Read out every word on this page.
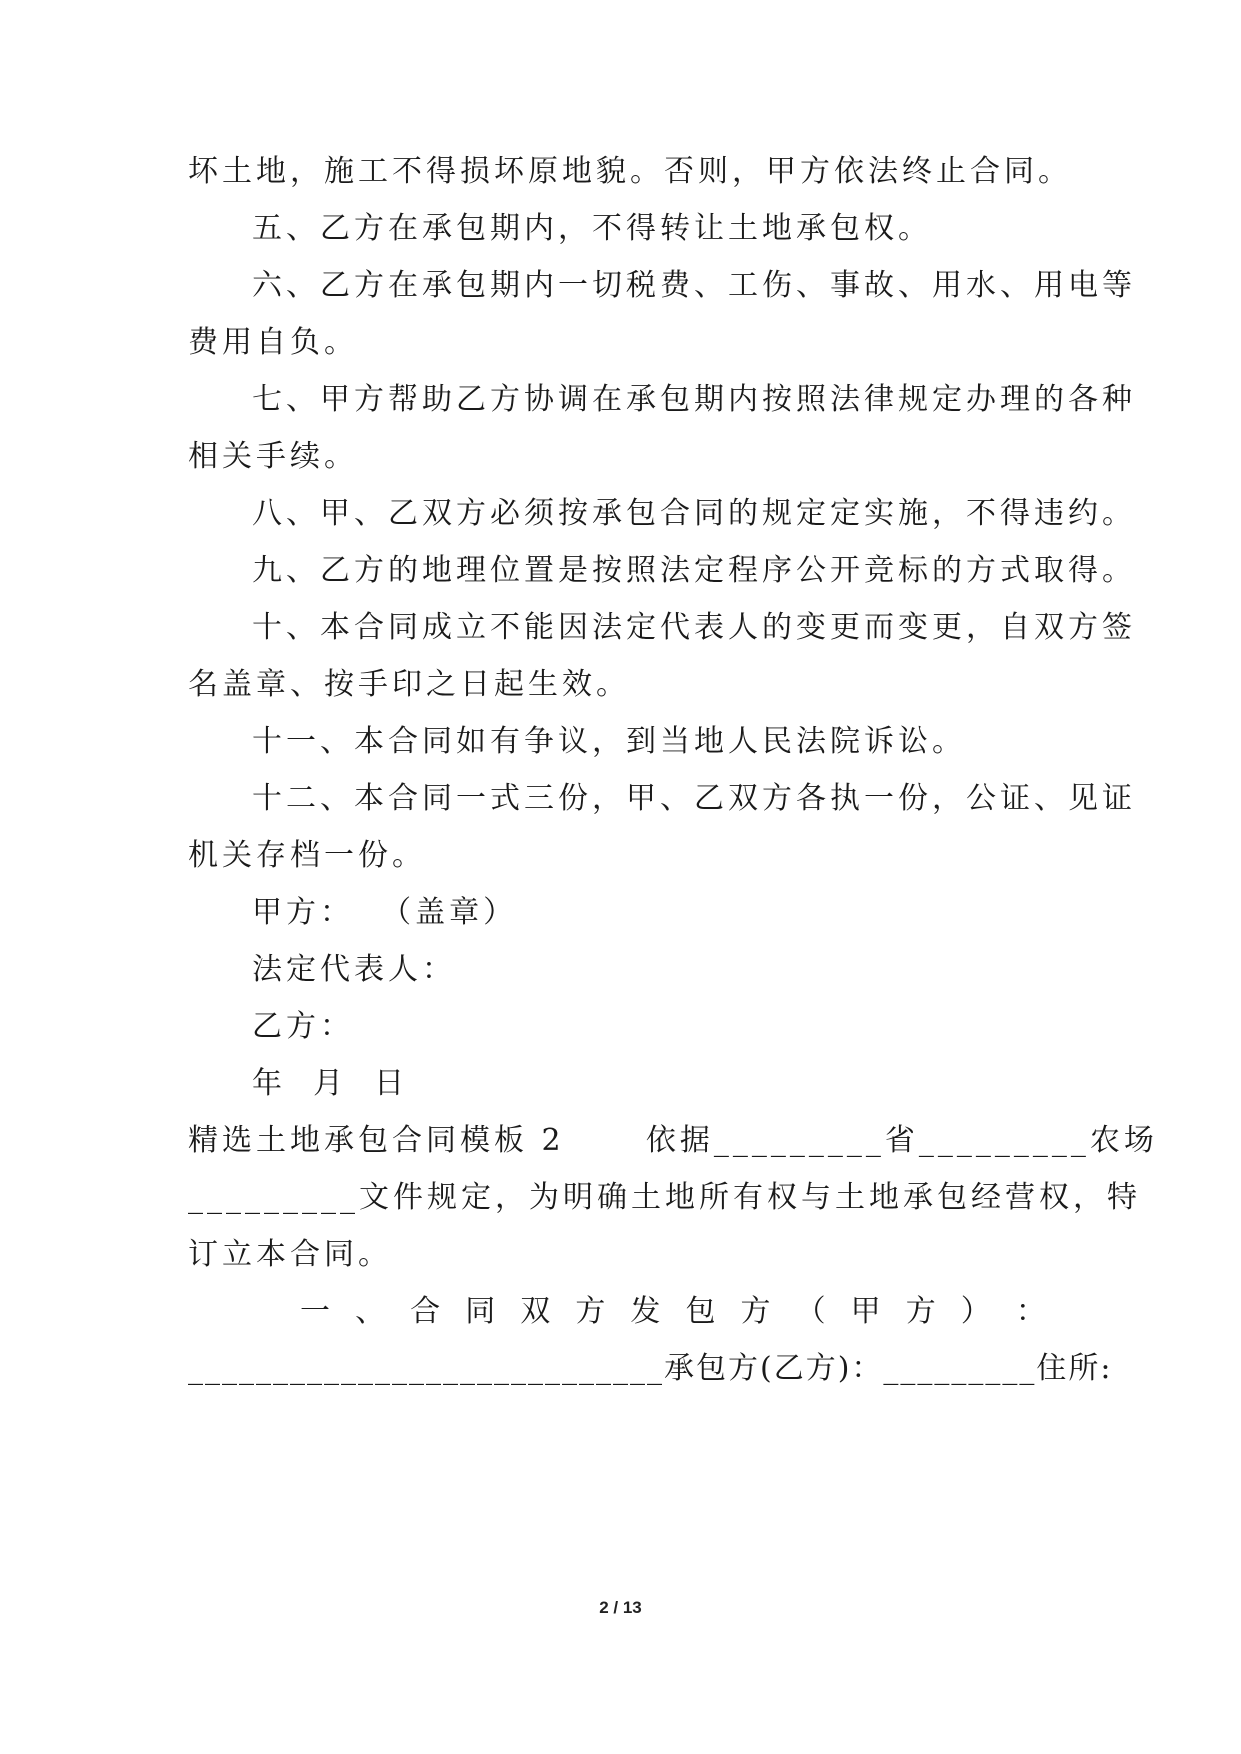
坏土地，施工不得损坏原地貌。否则，甲方依法终止合同。
五、乙方在承包期内，不得转让土地承包权。
六、乙方在承包期内一切税费、工伤、事故、用水、用电等
费用自负。
七、甲方帮助乙方协调在承包期内按照法律规定办理的各种
相关手续。
八、甲、乙双方必须按承包合同的规定定实施，不得违约。
九、乙方的地理位置是按照法定程序公开竞标的方式取得。
十、本合同成立不能因法定代表人的变更而变更，自双方签
名盖章、按手印之日起生效。
十一、本合同如有争议，到当地人民法院诉讼。
十二、本合同一式三份，甲、乙双方各执一份，公证、见证
机关存档一份。
甲方：  （盖章）
法定代表人：
乙方：
年  月  日
精选土地承包合同模板 2      依据_________省_________农场
_________文件规定，为明确土地所有权与土地承包经营权，特
订立本合同。
一 、 合 同 双 方 发 包 方 （ 甲 方 ） ：
____________________________承包方(乙方)：_________住所:
2 / 13
